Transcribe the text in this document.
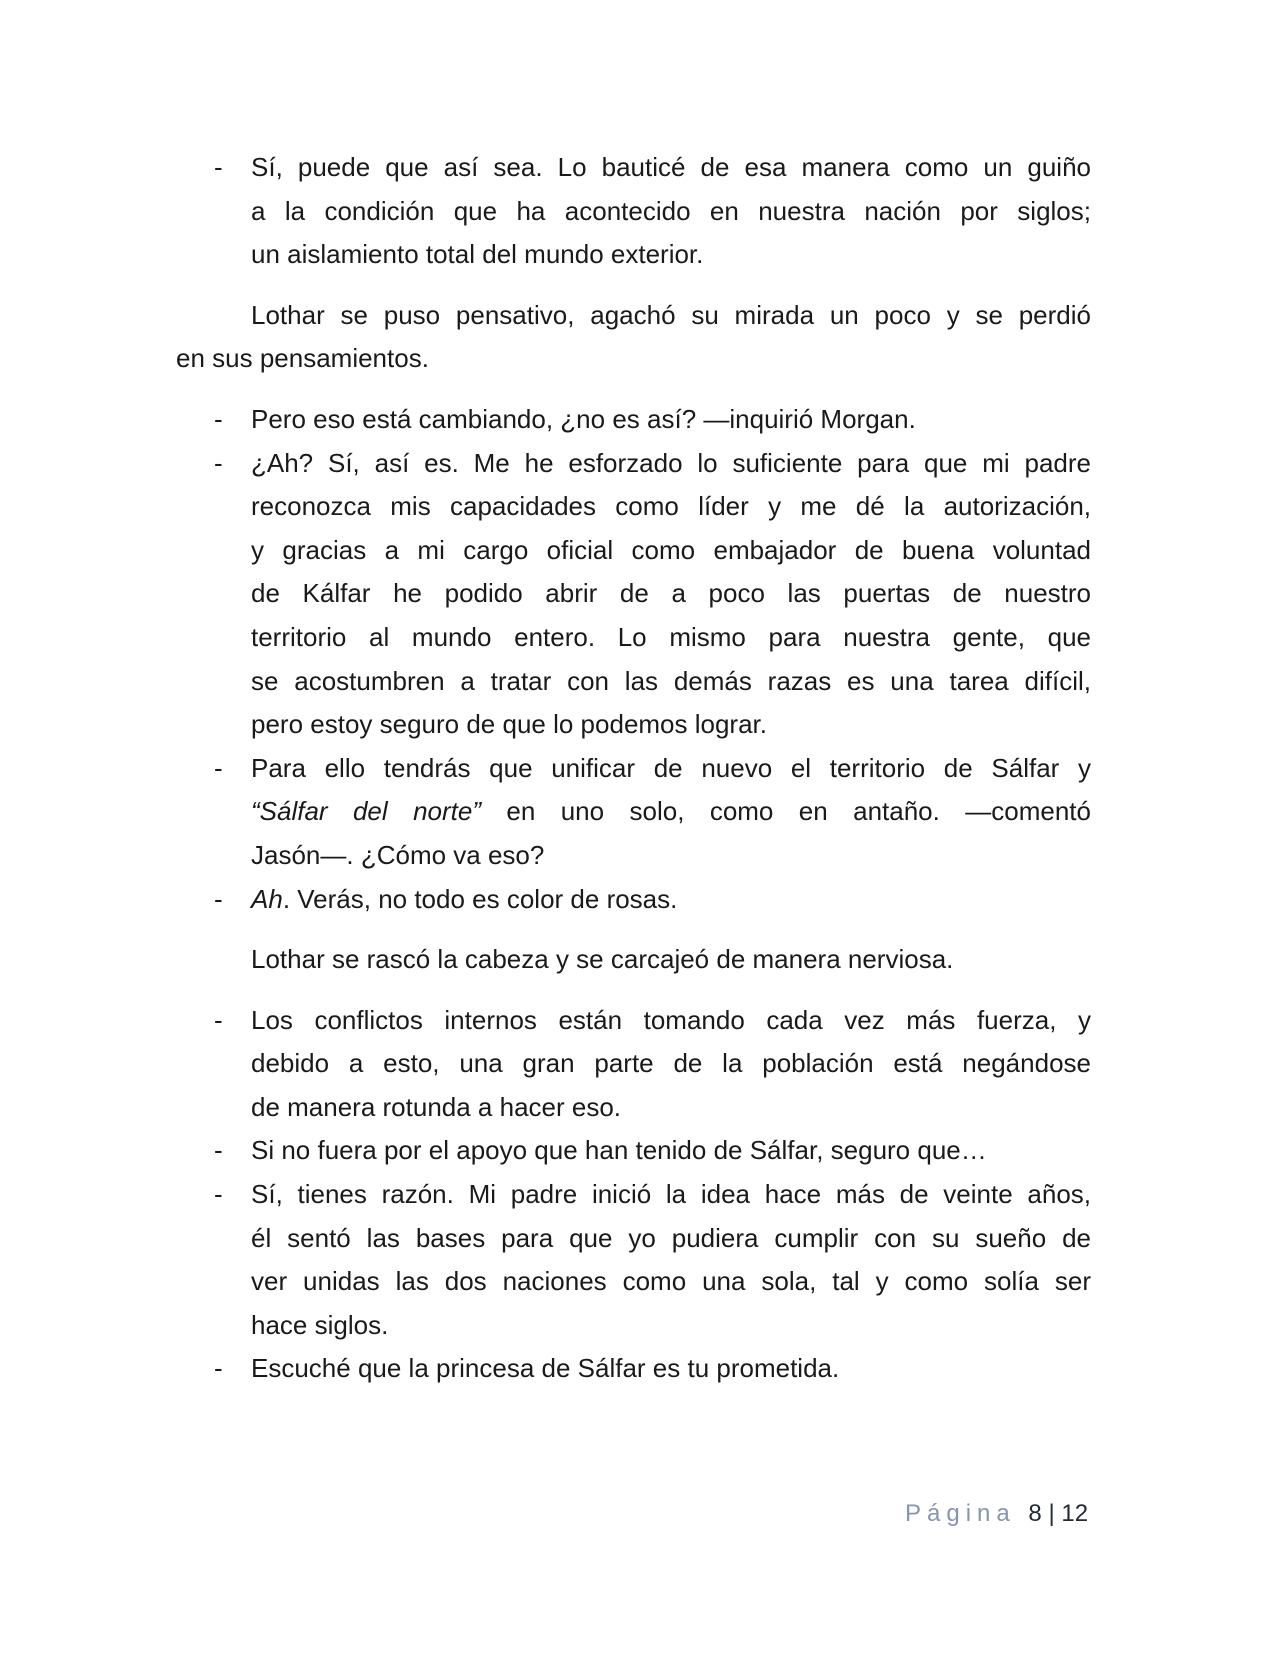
- Sí, puede que así sea. Lo bauticé de esa manera como un guiño
a la condición que ha acontecido en nuestra nación por siglos;
un aislamiento total del mundo exterior.
Lothar se puso pensativo, agachó su mirada un poco y se perdió
en sus pensamientos.
- Pero eso está cambiando, ¿no es así? —inquirió Morgan.
- ¿Ah? Sí, así es. Me he esforzado lo suficiente para que mi padre
reconozca mis capacidades como líder y me dé la autorización,
y gracias a mi cargo oficial como embajador de buena voluntad
de Kálfar he podido abrir de a poco las puertas de nuestro
territorio al mundo entero. Lo mismo para nuestra gente, que
se acostumbren a tratar con las demás razas es una tarea difícil,
pero estoy seguro de que lo podemos lograr.
- Para ello tendrás que unificar de nuevo el territorio de Sálfar y
“Sálfar del norte” en uno solo, como en antaño. —comentó
Jasón—. ¿Cómo va eso?
- Ah. Verás, no todo es color de rosas.
Lothar se rascó la cabeza y se carcajeó de manera nerviosa.
- Los conflictos internos están tomando cada vez más fuerza, y
debido a esto, una gran parte de la población está negándose
de manera rotunda a hacer eso.
- Si no fuera por el apoyo que han tenido de Sálfar, seguro que…
- Sí, tienes razón. Mi padre inició la idea hace más de veinte años,
él sentó las bases para que yo pudiera cumplir con su sueño de
ver unidas las dos naciones como una sola, tal y como solía ser
hace siglos.
- Escuché que la princesa de Sálfar es tu prometida.
Página 8 | 12
